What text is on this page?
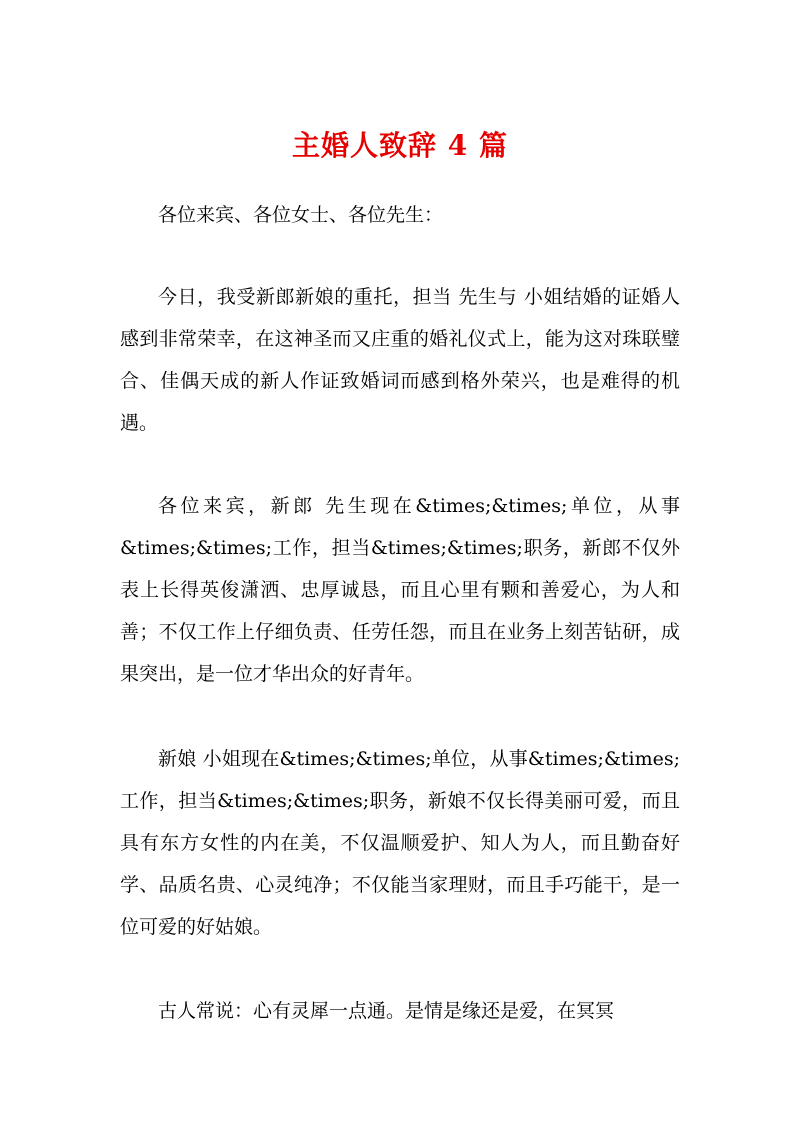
主婚人致辞 4 篇

各位来宾、各位女士、各位先生：

今日，我受新郎新娘的重托，担当 先生与 小姐结婚的证婚人感到非常荣幸，在这神圣而又庄重的婚礼仪式上，能为这对珠联璧合、佳偶天成的新人作证致婚词而感到格外荣兴，也是难得的机遇。

各位来宾，新郎 先生现在&times;&times;单位，从事&times;&times;工作，担当&times;&times;职务，新郎不仅外表上长得英俊潇洒、忠厚诚恳，而且心里有颗和善爱心，为人和善；不仅工作上仔细负责、任劳任怨，而且在业务上刻苦钻研，成果突出，是一位才华出众的好青年。

新娘 小姐现在&times;&times;单位，从事&times;&times;工作，担当&times;&times;职务，新娘不仅长得美丽可爱，而且具有东方女性的内在美，不仅温顺爱护、知人为人，而且勤奋好学、品质名贵、心灵纯净；不仅能当家理财，而且手巧能干，是一位可爱的好姑娘。

古人常说：心有灵犀一点通。是情是缘还是爱，在冥冥
